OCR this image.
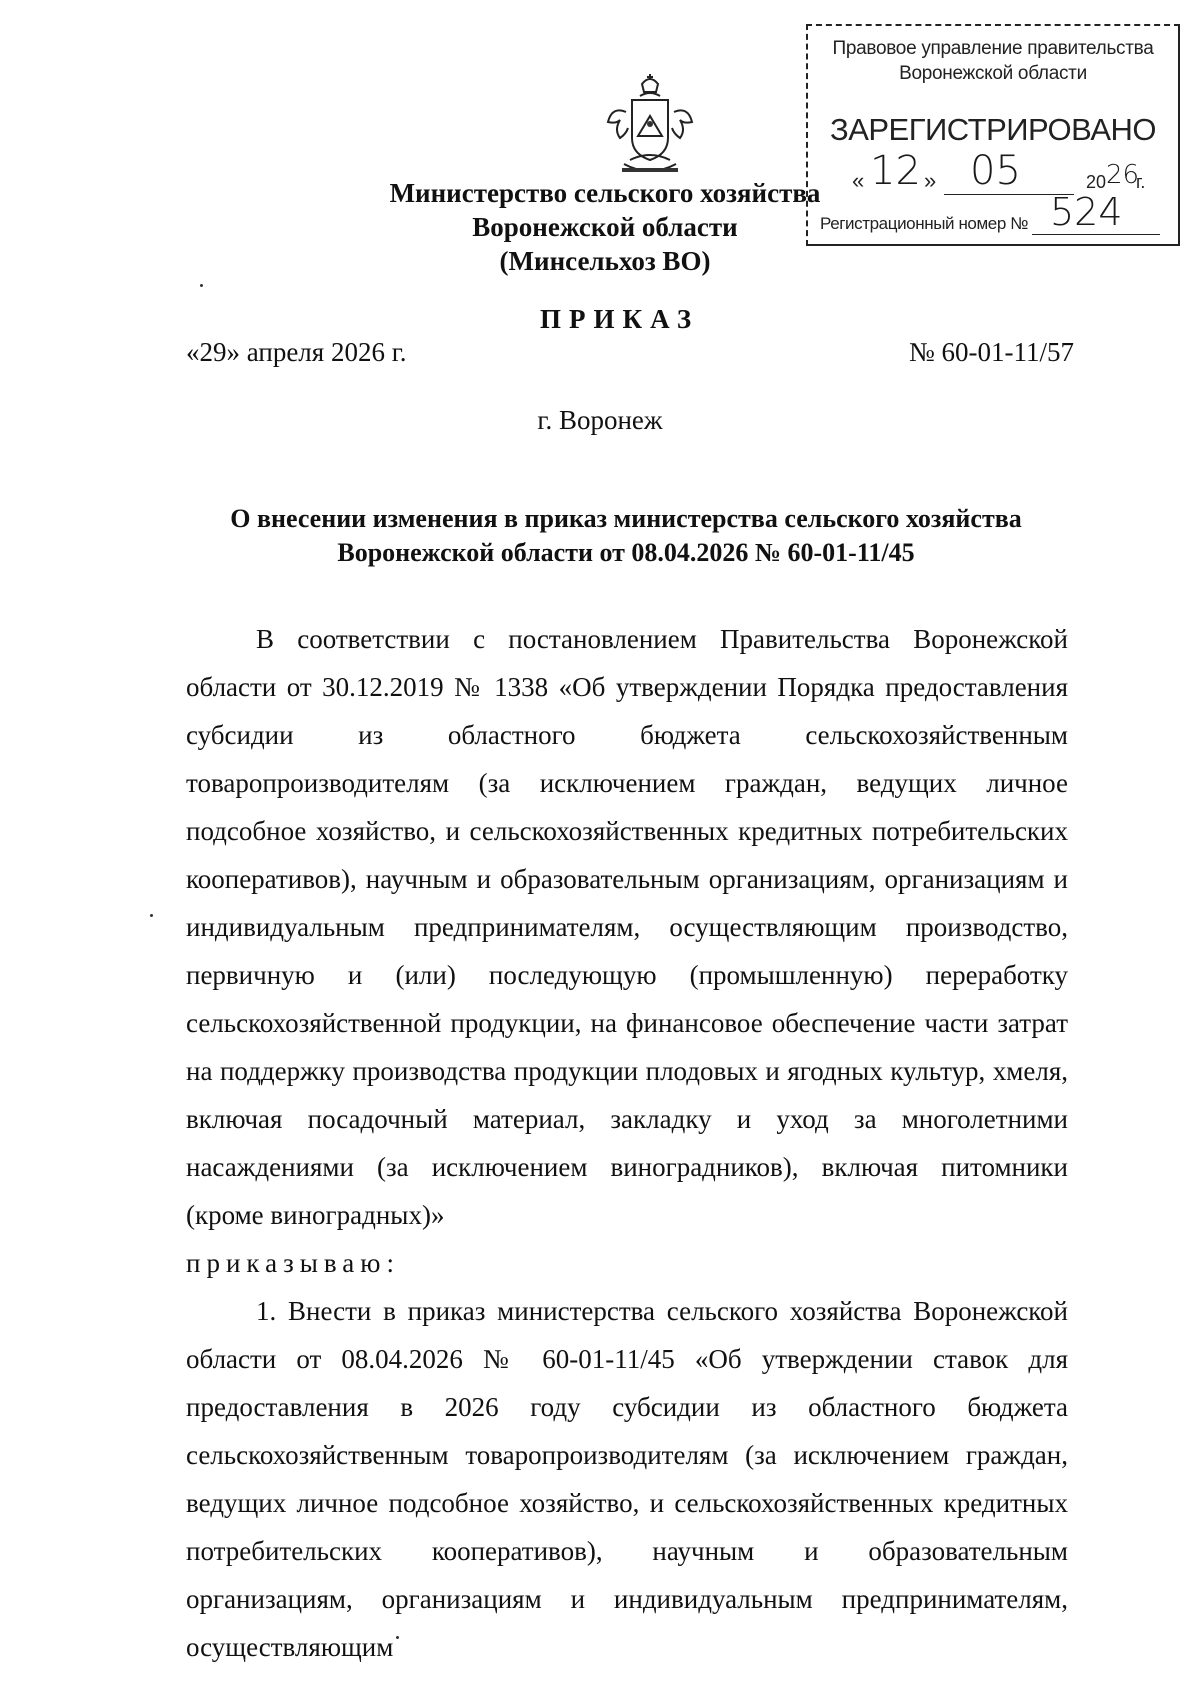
Министерство сельского хозяйства
Воронежской области
(Минсельхоз ВО)
Правовое управление правительства
Воронежской области
ЗАРЕГИСТРИРОВАНО
« 12 » 05	20 26
г.
Регистрационный номер № 524
ПРИКАЗ
«29» апреля 2026 г.	№ 60-01-11/57
г. Воронеж
О внесении изменения в приказ министерства сельского хозяйства
Воронежской области от 08.04.2026 № 60-01-11/45

В соответствии с постановлением Правительства Воронежской области от 30.12.2019 № 1338 «Об утверждении Порядка предоставления субсидии из областного бюджета сельскохозяйственным товаропроизводителям (за исключением граждан, ведущих личное подсобное хозяйство, и сельскохозяйственных кредитных потребительских кооперативов), научным и образовательным организациям, организациям и индивидуальным предпринимателям, осуществляющим производство, первичную и (или) последующую (промышленную) переработку сельскохозяйственной продукции, на финансовое обеспечение части затрат на поддержку производства продукции плодовых и ягодных культур, хмеля, включая посадочный материал, закладку и уход за многолетними насаждениями (за исключением виноградников), включая питомники (кроме виноградных)»

приказываю:

1. Внести в приказ министерства сельского хозяйства Воронежской области от 08.04.2026 № 60-01-11/45 «Об утверждении ставок для предоставления в 2026 году субсидии из областного бюджета сельскохозяйственным товаропроизводителям (за исключением граждан, ведущих личное подсобное хозяйство, и сельскохозяйственных кредитных потребительских кооперативов), научным и образовательным организациям, организациям и индивидуальным предпринимателям, осуществляющим
